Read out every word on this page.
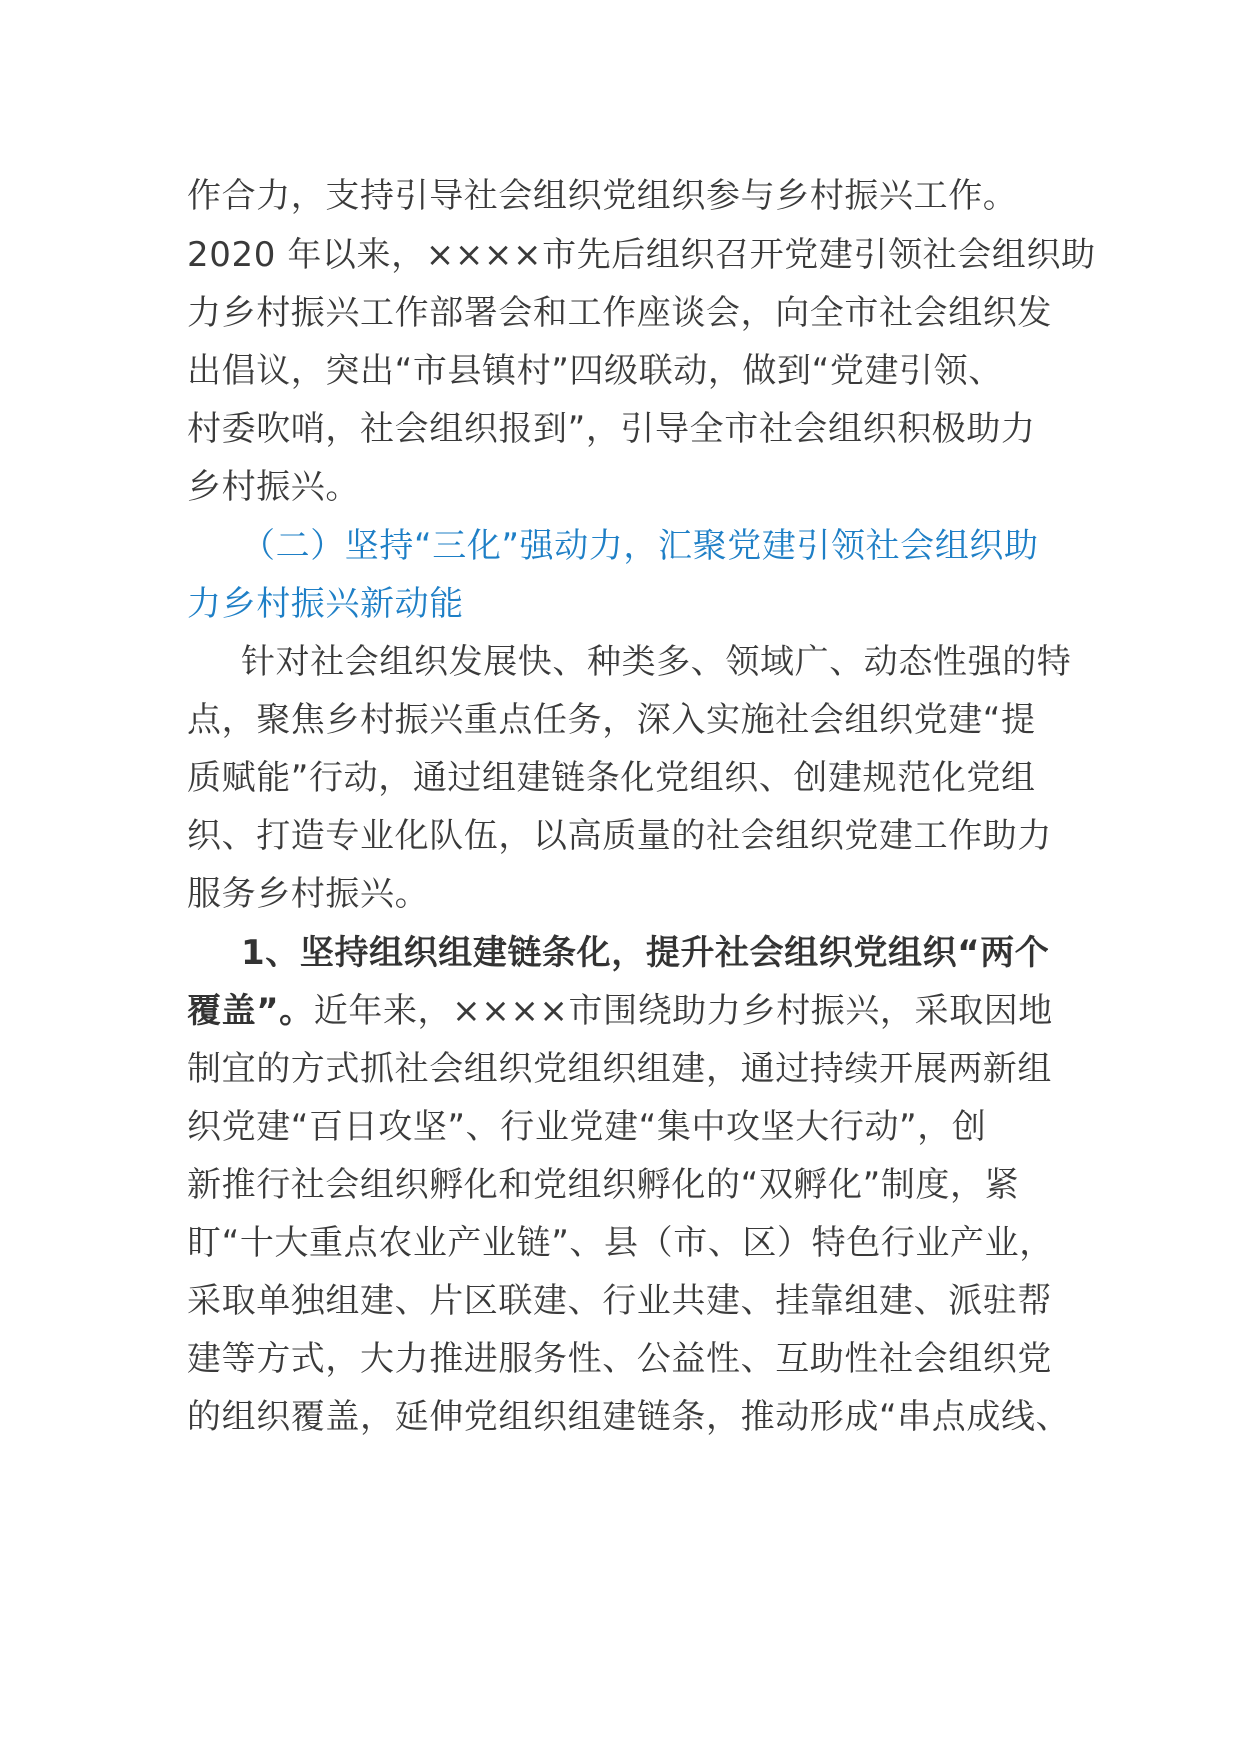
作合力，支持引导社会组织党组织参与乡村振兴工作。
2020 年以来，××××市先后组织召开党建引领社会组织助
力乡村振兴工作部署会和工作座谈会，向全市社会组织发
出倡议，突出“市县镇村”四级联动，做到“党建引领、
村委吹哨，社会组织报到”，引导全市社会组织积极助力
乡村振兴。
（二）坚持“三化”强动力，汇聚党建引领社会组织助
力乡村振兴新动能
针对社会组织发展快、种类多、领域广、动态性强的特
点，聚焦乡村振兴重点任务，深入实施社会组织党建“提
质赋能”行动，通过组建链条化党组织、创建规范化党组
织、打造专业化队伍，以高质量的社会组织党建工作助力
服务乡村振兴。
1、坚持组织组建链条化，提升社会组织党组织“两个
覆盖”。近年来，××××市围绕助力乡村振兴，采取因地
制宜的方式抓社会组织党组织组建，通过持续开展两新组
织党建“百日攻坚”、行业党建“集中攻坚大行动”，创
新推行社会组织孵化和党组织孵化的“双孵化”制度，紧
盯“十大重点农业产业链”、县（市、区）特色行业产业，
采取单独组建、片区联建、行业共建、挂靠组建、派驻帮
建等方式，大力推进服务性、公益性、互助性社会组织党
的组织覆盖，延伸党组织组建链条，推动形成“串点成线、
